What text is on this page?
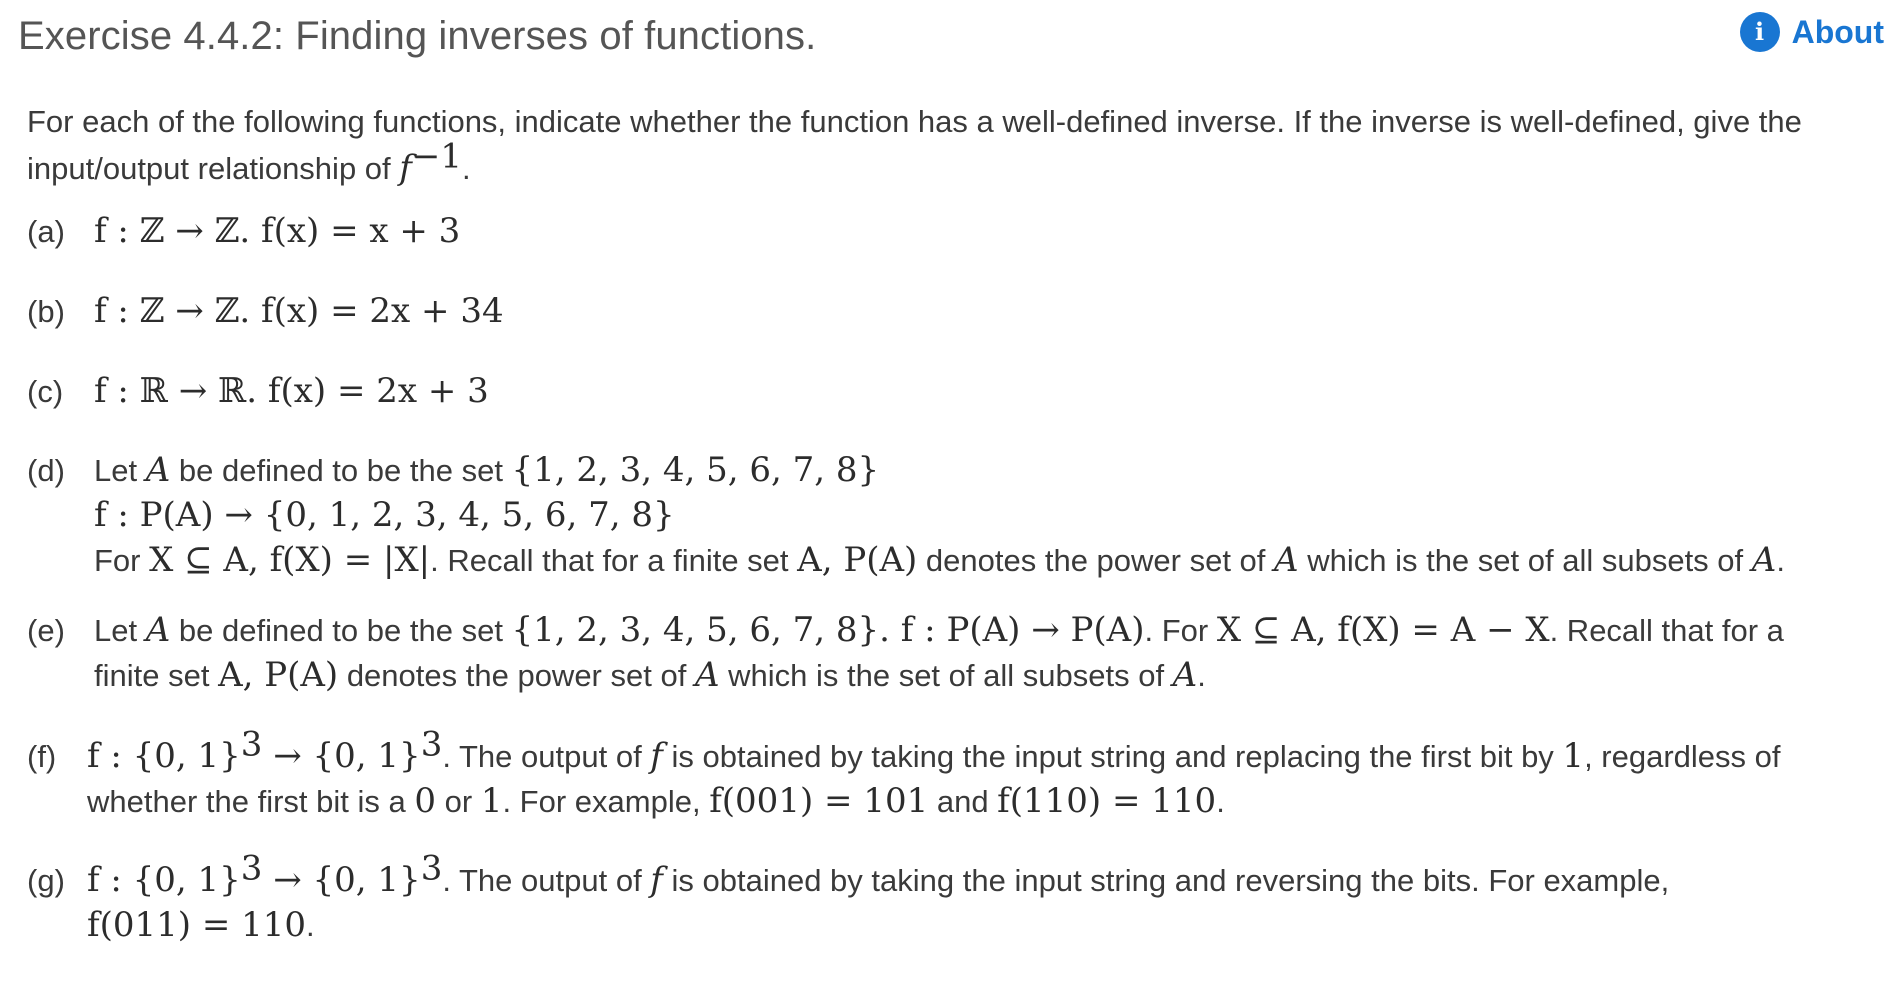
Exercise 4.4.2: Finding inverses of functions.	i About
For each of the following functions, indicate whether the function has a well-defined inverse. If the inverse is well-defined, give the input/output relationship of $f^{-1}$.
(a) f : ℤ → ℤ. f(x) = x + 3
(b) f : ℤ → ℤ. f(x) = 2x + 34
(c) f : ℝ → ℝ. f(x) = 2x + 3
(d) Let A be defined to be the set {1, 2, 3, 4, 5, 6, 7, 8}
f : P(A) → {0, 1, 2, 3, 4, 5, 6, 7, 8}
For X ⊆ A, f(X) = |X|. Recall that for a finite set A, P(A) denotes the power set of A which is the set of all subsets of A.
(e) Let A be defined to be the set {1, 2, 3, 4, 5, 6, 7, 8}. f : P(A) → P(A). For X ⊆ A, f(X) = A − X. Recall that for a
finite set A, P(A) denotes the power set of A which is the set of all subsets of A.
(f) f : {0, 1}$^3$ → {0, 1}$^3$. The output of f is obtained by taking the input string and replacing the first bit by 1, regardless of
whether the first bit is a 0 or 1. For example, f(001) = 101 and f(110) = 110.
(g) f : {0, 1}$^3$ → {0, 1}$^3$. The output of f is obtained by taking the input string and reversing the bits. For example,
f(011) = 110.
